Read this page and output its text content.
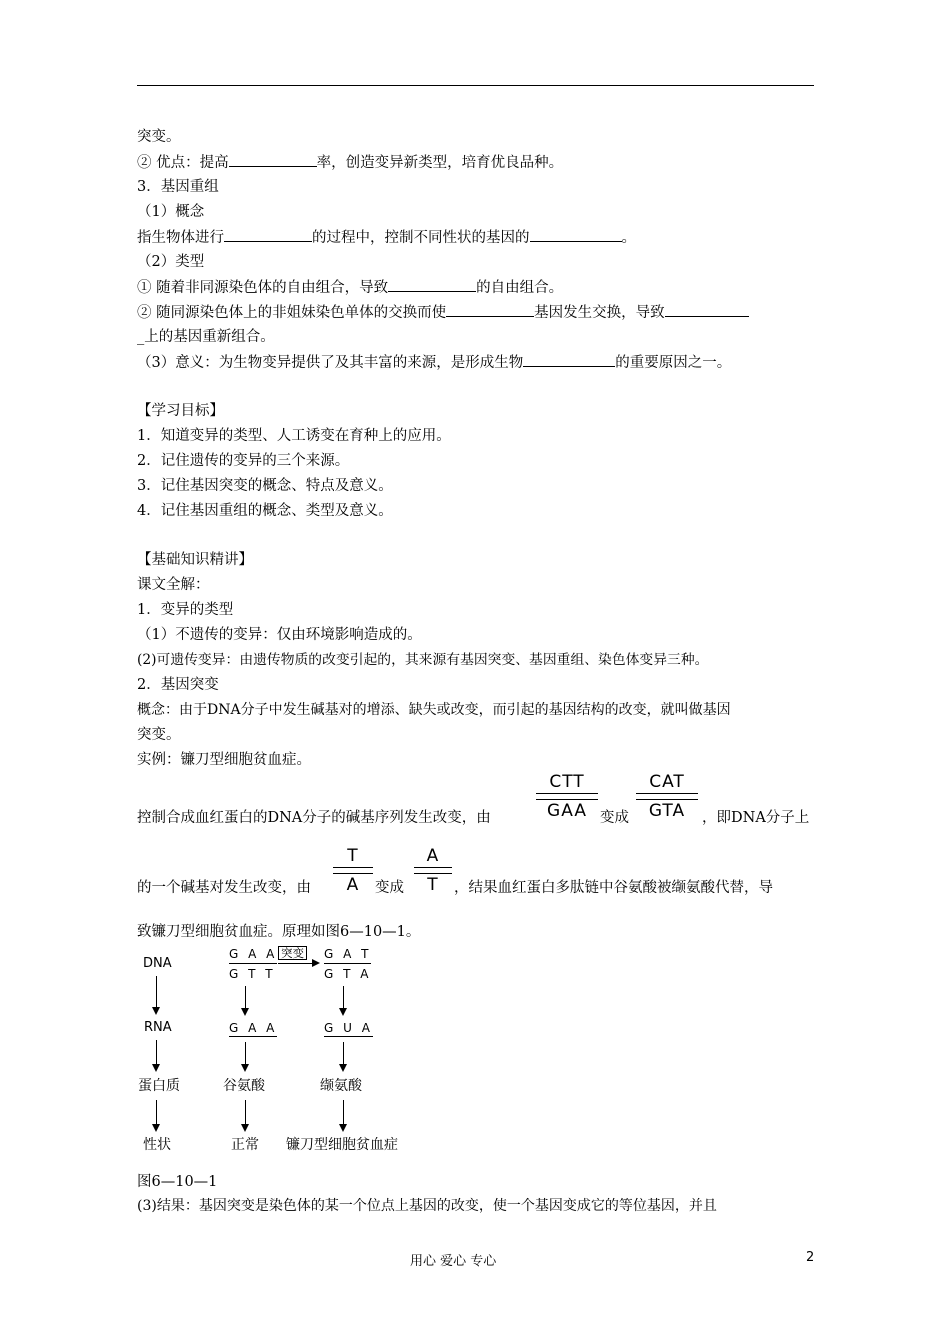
突变。
② 优点：提高	率，创造变异新类型，培育优良品种。
3．基因重组
（1）概念
指生物体进行	的过程中，控制不同性状的基因的	。
（2）类型
① 随着非同源染色体的自由组合，导致	的自由组合。
② 随同源染色体上的非姐妹染色单体的交换而使	基因发生交换，导致
_上的基因重新组合。
（3）意义：为生物变异提供了及其丰富的来源，是形成生物	的重要原因之一。
【学习目标】
1．知道变异的类型、人工诱变在育种上的应用。
2．记住遗传的变异的三个来源。
3．记住基因突变的概念、特点及意义。
4．记住基因重组的概念、类型及意义。
【基础知识精讲】
课文全解：
1．变异的类型
（1）不遗传的变异：仅由环境影响造成的。
(2)可遗传变异：由遗传物质的改变引起的，其来源有基因突变、基因重组、染色体变异三种。
2．基因突变
概念：由于DNA分子中发生碱基对的增添、缺失或改变，而引起的基因结构的改变，就叫做基因
突变。
实例：镰刀型细胞贫血症。
CTT
GAA
控制合成血红蛋白的DNA分子的碱基序列发生改变，由	变成
CAT
GTA	，即DNA分子上
T
A
的一个碱基对发生改变，由	变成
A
T	，结果血红蛋白多肽链中谷氨酸被缬氨酸代替，导
致镰刀型细胞贫血症。原理如图6—10—1。
DNA
RNA
蛋白质
性状
G A A
G T T
突变 G A T
G T A
G A A	G U A
谷氨酸	缬氨酸
正常 镰刀型细胞贫血症
图6—10—1
(3)结果：基因突变是染色体的某一个位点上基因的改变，使一个基因变成它的等位基因，并且
用心 爱心 专心	2
